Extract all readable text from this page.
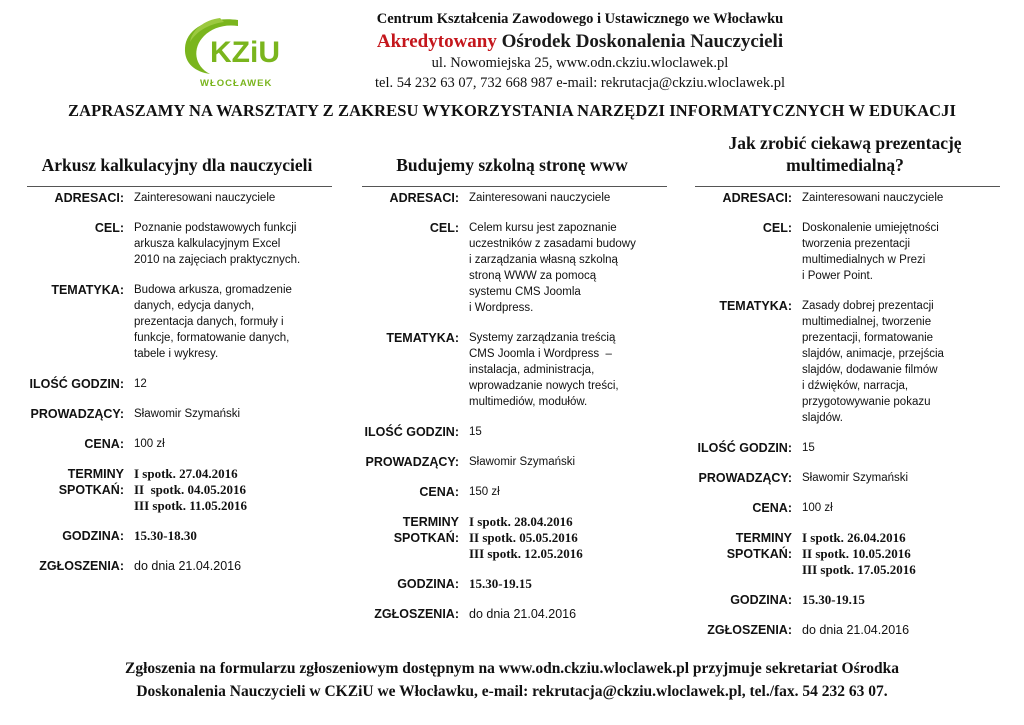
KZiU
WŁOCŁAWEK
Centrum Kształcenia Zawodowego i Ustawicznego we Włocławku
Akredytowany Ośrodek Doskonalenia Nauczycieli
ul. Nowomiejska 25, www.odn.ckziu.wloclawek.pl
tel. 54 232 63 07, 732 668 987 e-mail: rekrutacja@ckziu.wloclawek.pl
ZAPRASZAMY NA WARSZTATY Z ZAKRESU WYKORZYSTANIA NARZĘDZI INFORMATYCZNYCH W EDUKACJI
Arkusz kalkulacyjny dla nauczycieli
ADRESACI: Zainteresowani nauczyciele
CEL: Poznanie podstawowych funkcji
arkusza kalkulacyjnym Excel
2010 na zajęciach praktycznych.
TEMATYKA: Budowa arkusza, gromadzenie
danych, edycja danych,
prezentacja danych, formuły i
funkcje, formatowanie danych,
tabele i wykresy.
ILOŚĆ GODZIN: 12
PROWADZĄCY: Sławomir Szymański
CENA: 100 zł
TERMINY
SPOTKAŃ:
I spotk. 27.04.2016
II  spotk. 04.05.2016
III spotk. 11.05.2016
GODZINA: 15.30-18.30
ZGŁOSZENIA: do dnia 21.04.2016
Budujemy szkolną stronę www
ADRESACI: Zainteresowani nauczyciele
CEL: Celem kursu jest zapoznanie
uczestników z zasadami budowy
i zarządzania własną szkolną
stroną WWW za pomocą
systemu CMS Joomla
i Wordpress.
TEMATYKA: Systemy zarządzania treścią
CMS Joomla i Wordpress  –
instalacja, administracja,
wprowadzanie nowych treści,
multimediów, modułów.
ILOŚĆ GODZIN: 15
PROWADZĄCY: Sławomir Szymański
CENA: 150 zł
TERMINY
SPOTKAŃ:
I spotk. 28.04.2016
II spotk. 05.05.2016
III spotk. 12.05.2016
GODZINA: 15.30-19.15
ZGŁOSZENIA: do dnia 21.04.2016
Jak zrobić ciekawą prezentację
multimedialną?
ADRESACI: Zainteresowani nauczyciele
CEL: Doskonalenie umiejętności
tworzenia prezentacji
multimedialnych w Prezi
i Power Point.
TEMATYKA: Zasady dobrej prezentacji
multimedialnej, tworzenie
prezentacji, formatowanie
slajdów, animacje, przejścia
slajdów, dodawanie filmów
i dźwięków, narracja,
przygotowywanie pokazu
slajdów.
ILOŚĆ GODZIN: 15
PROWADZĄCY: Sławomir Szymański
CENA: 100 zł
TERMINY
SPOTKAŃ:
I spotk. 26.04.2016
II spotk. 10.05.2016
III spotk. 17.05.2016
GODZINA: 15.30-19.15
ZGŁOSZENIA: do dnia 21.04.2016
Zgłoszenia na formularzu zgłoszeniowym dostępnym na www.odn.ckziu.wloclawek.pl przyjmuje sekretariat Ośrodka
Doskonalenia Nauczycieli w CKZiU we Włocławku, e-mail: rekrutacja@ckziu.wloclawek.pl, tel./fax. 54 232 63 07.
